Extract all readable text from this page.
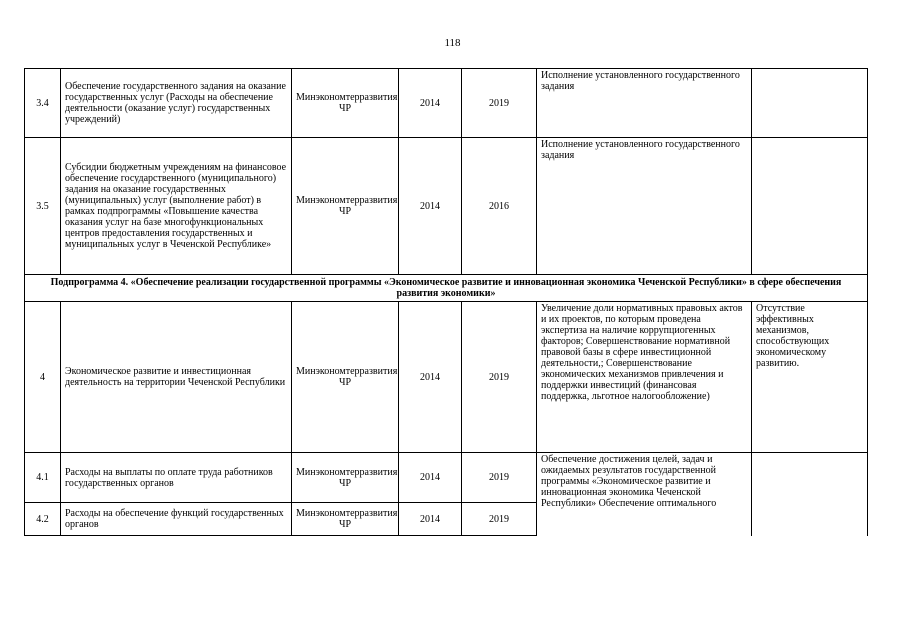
118
3.4	Обеспечение государственного задания на оказание государственных услуг (Расходы на обеспечение деятельности (оказание услуг) государственных учреждений)	Минэкономтерразвития ЧР	2014	2019	Исполнение установленного государственного задания	
3.5	Субсидии бюджетным учреждениям на финансовое обеспечение государственного (муниципального) задания на оказание государственных (муниципальных) услуг (выполнение работ) в рамках подпрограммы «Повышение качества оказания услуг на базе многофункциональных центров предоставления государственных и муниципальных услуг в Чеченской Республике»	Минэкономтерразвития ЧР	2014	2016	Исполнение установленного государственного задания	
Подпрограмма 4. «Обеспечение реализации государственной программы «Экономическое развитие и инновационная экономика Чеченской Республики» в сфере обеспечения развития экономики»						
4	Экономическое развитие и инвестиционная деятельность на территории Чеченской Республики	Минэкономтерразвития ЧР	2014	2019	Увеличение доли нормативных правовых актов и их проектов, по которым проведена экспертиза на наличие коррупциогенных факторов; Совершенствование нормативной правовой базы в сфере инвестиционной деятельности,; Совершенствование экономических механизмов привлечения и поддержки инвестиций (финансовая поддержка, льготное налогообложение)	Отсутствие эффективных механизмов, способствующих экономическому развитию.
4.1	Расходы на выплаты по оплате труда работников государственных органов	Минэкономтерразвития ЧР	2014	2019	Обеспечение достижения целей, задач и ожидаемых результатов государственной программы «Экономическое развитие и инновационная экономика Чеченской Республики» Обеспечение оптимального	
4.2	Расходы на обеспечение функций государственных органов	Минэкономтерразвития ЧР	2014	2019		
